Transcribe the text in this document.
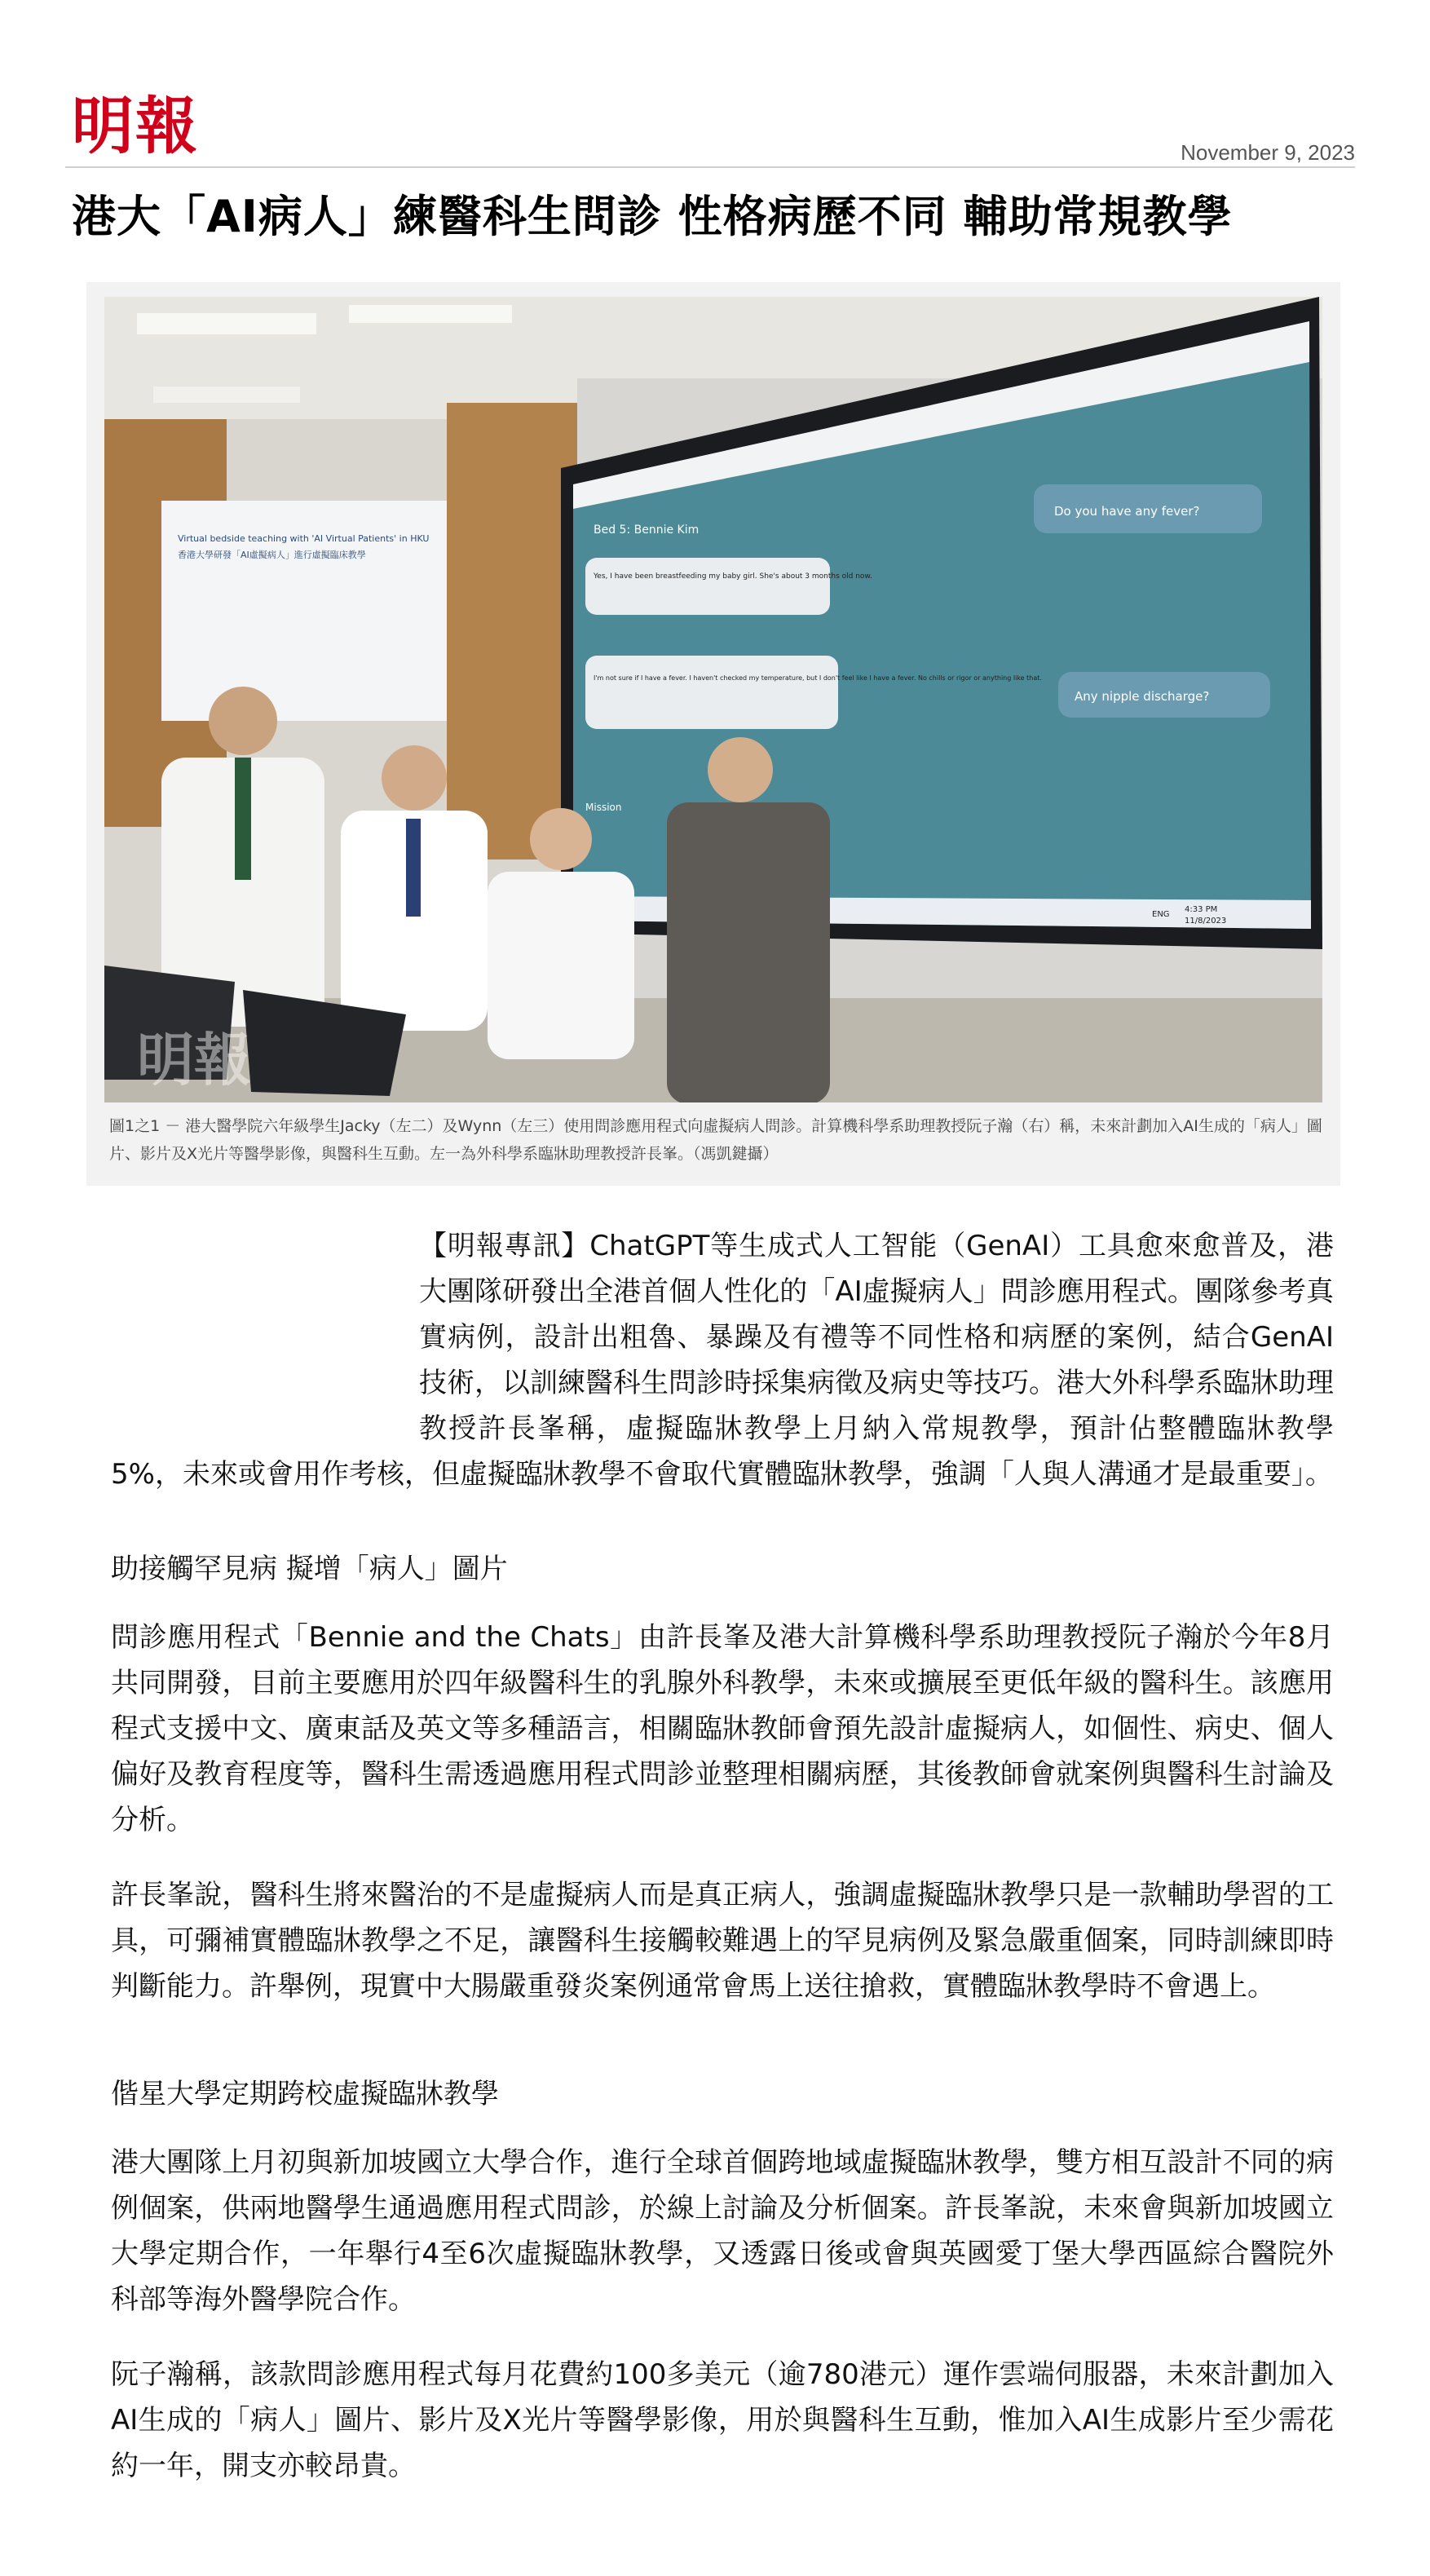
明報	November 9, 2023
港大「AI病人」練醫科生問診 性格病歷不同 輔助常規教學
Virtual bedside teaching with 'AI Virtual Patients' in HKU
香港大學研發「AI虛擬病人」進行虛擬臨床教學
Bed 5: Bennie Kim
Yes, I have been breastfeeding my baby girl. She's about 3 months old now.
Do you have any fever?
I'm not sure if I have a fever. I haven't checked my temperature, but I don't feel like I have a fever. No chills or rigor or anything like that.
Any nipple discharge?
Mission
ENG
4:33 PM
11/8/2023
明報
圖1之1 － 港大醫學院六年級學生Jacky（左二）及Wynn（左三）使用問診應用程式向虛擬病人問診。計算機科學系助理教授阮子瀚（右）稱，未來計劃加入AI生成的「病人」圖片、影片及X光片等醫學影像，與醫科生互動。左一為外科學系臨牀助理教授許長峯。（馮凱鍵攝）
【明報專訊】ChatGPT等生成式人工智能（GenAI）工具愈來愈普及，港大團隊研發出全港首個人性化的「AI虛擬病人」問診應用程式。團隊參考真實病例，設計出粗魯、暴躁及有禮等不同性格和病歷的案例，結合GenAI技術，以訓練醫科生問診時採集病徵及病史等技巧。港大外科學系臨牀助理教授許長峯稱，虛擬臨牀教學上月納入常規教學，預計佔整體臨牀教學5%，未來或會用作考核，但虛擬臨牀教學不會取代實體臨牀教學，強調「人與人溝通才是最重要」。
助接觸罕見病 擬增「病人」圖片
問診應用程式「Bennie and the Chats」由許長峯及港大計算機科學系助理教授阮子瀚於今年8月共同開發，目前主要應用於四年級醫科生的乳腺外科教學，未來或擴展至更低年級的醫科生。該應用程式支援中文、廣東話及英文等多種語言，相關臨牀教師會預先設計虛擬病人，如個性、病史、個人偏好及教育程度等，醫科生需透過應用程式問診並整理相關病歷，其後教師會就案例與醫科生討論及分析。
許長峯說，醫科生將來醫治的不是虛擬病人而是真正病人，強調虛擬臨牀教學只是一款輔助學習的工具，可彌補實體臨牀教學之不足，讓醫科生接觸較難遇上的罕見病例及緊急嚴重個案，同時訓練即時判斷能力。許舉例，現實中大腸嚴重發炎案例通常會馬上送往搶救，實體臨牀教學時不會遇上。
偕星大學定期跨校虛擬臨牀教學
港大團隊上月初與新加坡國立大學合作，進行全球首個跨地域虛擬臨牀教學，雙方相互設計不同的病例個案，供兩地醫學生通過應用程式問診，於線上討論及分析個案。許長峯說，未來會與新加坡國立大學定期合作，一年舉行4至6次虛擬臨牀教學，又透露日後或會與英國愛丁堡大學西區綜合醫院外科部等海外醫學院合作。
阮子瀚稱，該款問診應用程式每月花費約100多美元（逾780港元）運作雲端伺服器，未來計劃加入AI生成的「病人」圖片、影片及X光片等醫學影像，用於與醫科生互動，惟加入AI生成影片至少需花約一年，開支亦較昂貴。
